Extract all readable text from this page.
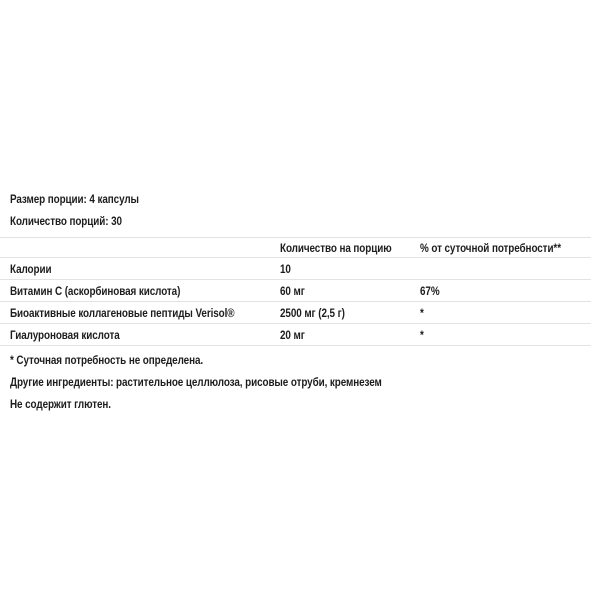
Размер порции: 4 капсулы

Количество порций: 30

	Количество на порцию	% от суточной потребности**
Калории	10	
Витамин C (аскорбиновая кислота)	60 мг	67%
Биоактивные коллагеновые пептиды Verisol®	2500 мг (2,5 г)	*
Гиалуроновая кислота	20 мг	*

* Суточная потребность не определена.

Другие ингредиенты: растительное целлюлоза, рисовые отруби, кремнезем

Не содержит глютен.
